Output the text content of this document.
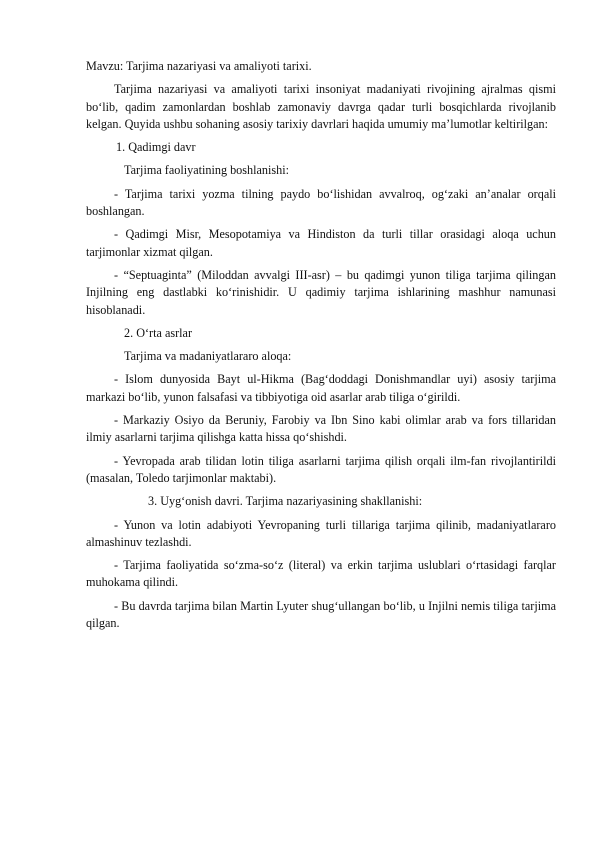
Mavzu: Tarjima nazariyasi va amaliyoti tarixi.

Tarjima nazariyasi va amaliyoti tarixi insoniyat madaniyati rivojining ajralmas qismi bo‘lib, qadim zamonlardan boshlab zamonaviy davrga qadar turli bosqichlarda rivojlanib kelgan. Quyida ushbu sohaning asosiy tarixiy davrlari haqida umumiy ma’lumotlar keltirilgan:

1. Qadimgi davr

Tarjima faoliyatining boshlanishi:

- Tarjima tarixi yozma tilning paydo bo‘lishidan avvalroq, og‘zaki an’analar orqali boshlangan.

- Qadimgi Misr, Mesopotamiya va Hindiston da turli tillar orasidagi aloqa uchun tarjimonlar xizmat qilgan.

- “Septuaginta” (Miloddan avvalgi III-asr) – bu qadimgi yunon tiliga tarjima qilingan Injilning eng dastlabki ko‘rinishidir. U qadimiy tarjima ishlarining mashhur namunasi hisoblanadi.

2. O‘rta asrlar

Tarjima va madaniyatlararo aloqa:

- Islom dunyosida Bayt ul-Hikma (Bag‘doddagi Donishmandlar uyi) asosiy tarjima markazi bo‘lib, yunon falsafasi va tibbiyotiga oid asarlar arab tiliga o‘girildi.

- Markaziy Osiyo da Beruniy, Farobiy va Ibn Sino kabi olimlar arab va fors tillaridan ilmiy asarlarni tarjima qilishga katta hissa qo‘shishdi.

- Yevropada arab tilidan lotin tiliga asarlarni tarjima qilish orqali ilm-fan rivojlantirildi (masalan, Toledo tarjimonlar maktabi).

3. Uyg‘onish davri. Tarjima nazariyasining shakllanishi:

- Yunon va lotin adabiyoti Yevropaning turli tillariga tarjima qilinib, madaniyatlararo almashinuv tezlashdi.

- Tarjima faoliyatida so‘zma-so‘z (literal) va erkin tarjima uslublari o‘rtasidagi farqlar muhokama qilindi.

- Bu davrda tarjima bilan Martin Lyuter shug‘ullangan bo‘lib, u Injilni nemis tiliga tarjima qilgan.
